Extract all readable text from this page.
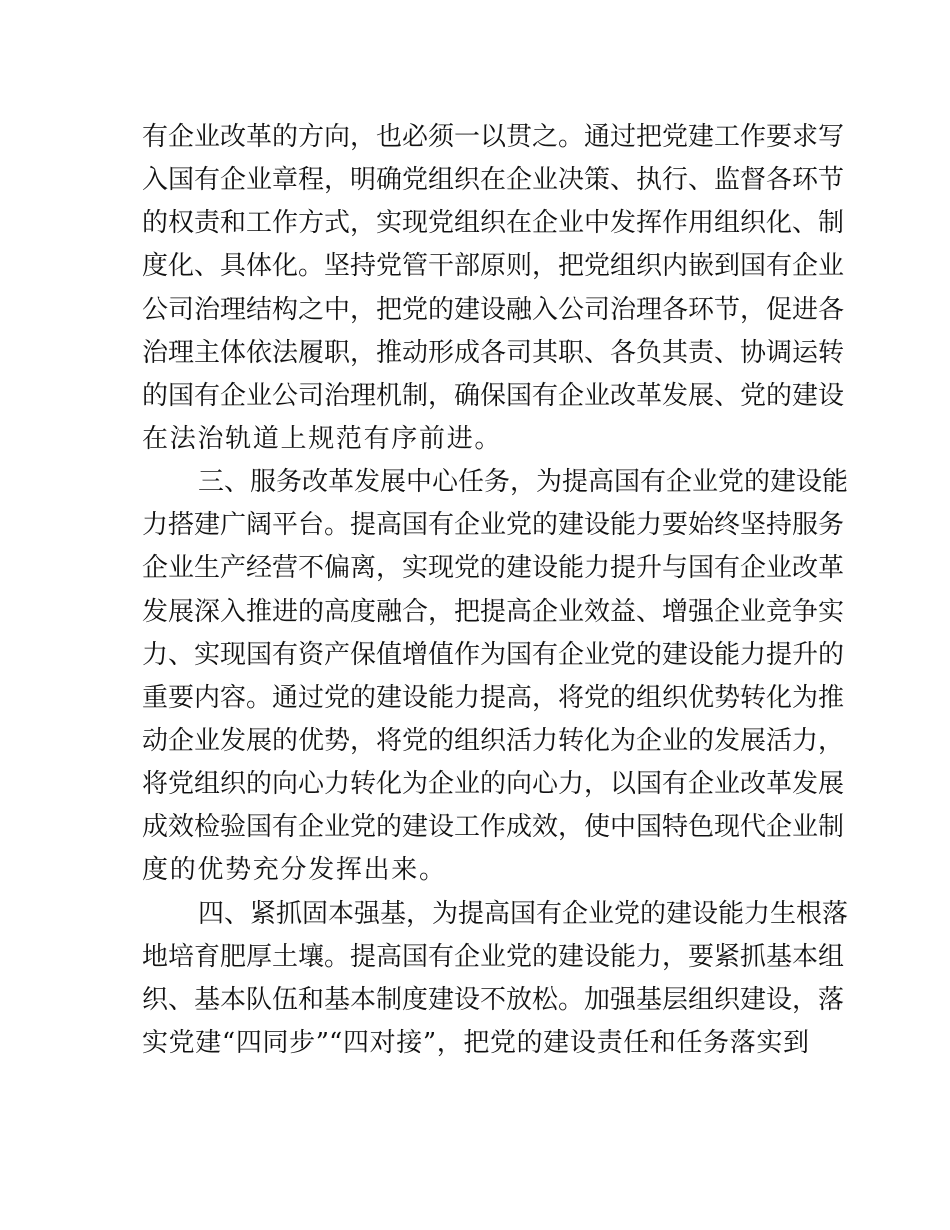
有企业改革的方向，也必须一以贯之。通过把党建工作要求写
入国有企业章程，明确党组织在企业决策、执行、监督各环节
的权责和工作方式，实现党组织在企业中发挥作用组织化、制
度化、具体化。坚持党管干部原则，把党组织内嵌到国有企业
公司治理结构之中，把党的建设融入公司治理各环节，促进各
治理主体依法履职，推动形成各司其职、各负其责、协调运转
的国有企业公司治理机制，确保国有企业改革发展、党的建设
在法治轨道上规范有序前进。
三、服务改革发展中心任务，为提高国有企业党的建设能
力搭建广阔平台。提高国有企业党的建设能力要始终坚持服务
企业生产经营不偏离，实现党的建设能力提升与国有企业改革
发展深入推进的高度融合，把提高企业效益、增强企业竞争实
力、实现国有资产保值增值作为国有企业党的建设能力提升的
重要内容。通过党的建设能力提高，将党的组织优势转化为推
动企业发展的优势，将党的组织活力转化为企业的发展活力，
将党组织的向心力转化为企业的向心力，以国有企业改革发展
成效检验国有企业党的建设工作成效，使中国特色现代企业制
度的优势充分发挥出来。
四、紧抓固本强基，为提高国有企业党的建设能力生根落
地培育肥厚土壤。提高国有企业党的建设能力，要紧抓基本组
织、基本队伍和基本制度建设不放松。加强基层组织建设，落
实党建“四同步”“四对接”，把党的建设责任和任务落实到
